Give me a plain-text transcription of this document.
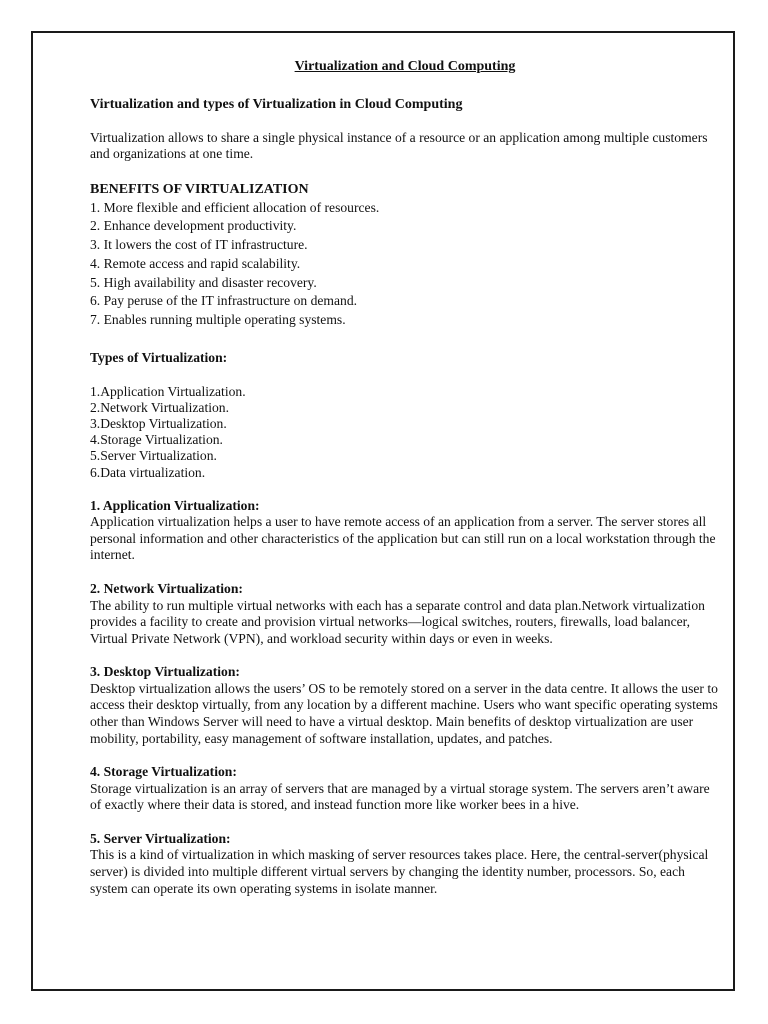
Virtualization and Cloud Computing
Virtualization and types of Virtualization in Cloud Computing

Virtualization allows to share a single physical instance of a resource or an application among multiple customers and organizations at one time.

BENEFITS OF VIRTUALIZATION
1. More flexible and efficient allocation of resources.
2. Enhance development productivity.
3. It lowers the cost of IT infrastructure.
4. Remote access and rapid scalability.
5. High availability and disaster recovery.
6. Pay peruse of the IT infrastructure on demand.
7. Enables running multiple operating systems.

Types of Virtualization:

1.Application Virtualization.
2.Network Virtualization.
3.Desktop Virtualization.
4.Storage Virtualization.
5.Server Virtualization.
6.Data virtualization.
1. Application Virtualization:

Application virtualization helps a user to have remote access of an application from a server. The server stores all personal information and other characteristics of the application but can still run on a local workstation through the internet.

2. Network Virtualization:

The ability to run multiple virtual networks with each has a separate control and data plan.Network virtualization provides a facility to create and provision virtual networks—logical switches, routers, firewalls, load balancer, Virtual Private Network (VPN), and workload security within days or even in weeks.

3. Desktop Virtualization:

Desktop virtualization allows the users’ OS to be remotely stored on a server in the data centre. It allows the user to access their desktop virtually, from any location by a different machine. Users who want specific operating systems other than Windows Server will need to have a virtual desktop. Main benefits of desktop virtualization are user mobility, portability, easy management of software installation, updates, and patches.

4. Storage Virtualization:

Storage virtualization is an array of servers that are managed by a virtual storage system. The servers aren’t aware of exactly where their data is stored, and instead function more like worker bees in a hive.

5. Server Virtualization:

This is a kind of virtualization in which masking of server resources takes place. Here, the central-server(physical server) is divided into multiple different virtual servers by changing the identity number, processors. So, each system can operate its own operating systems in isolate manner.
